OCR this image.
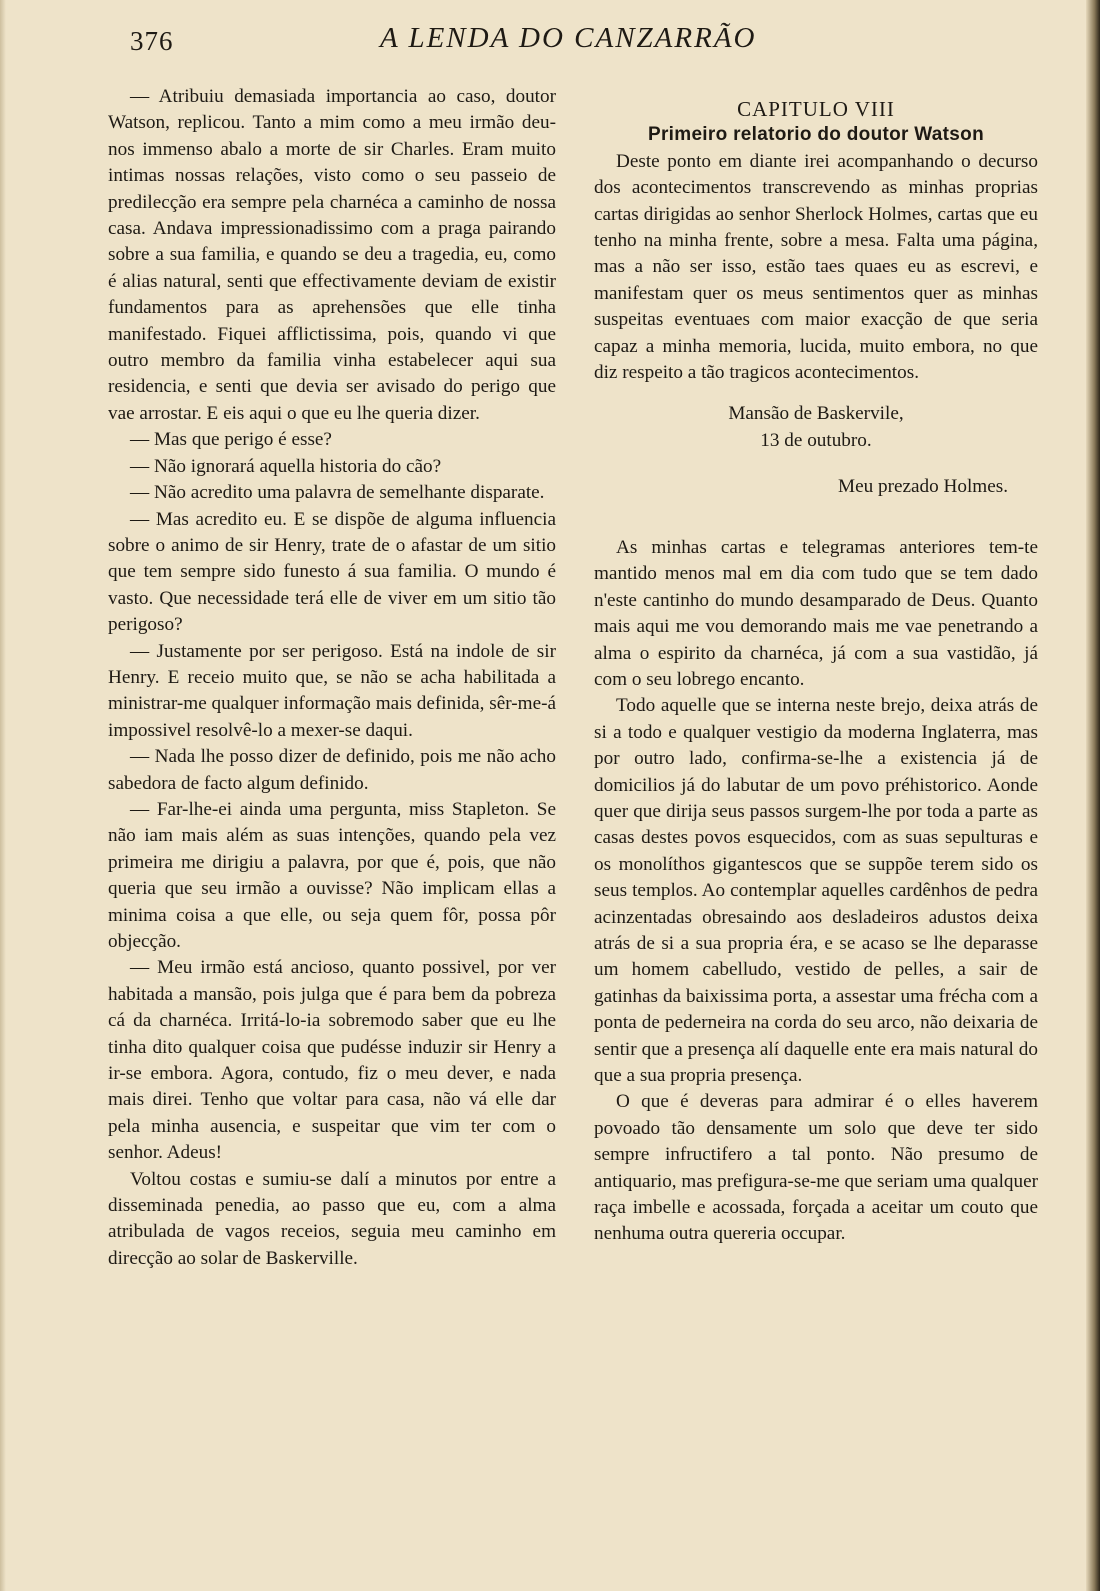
376	A LENDA DO CANZARRÃO

— Atribuiu demasiada importancia ao caso, doutor Watson, replicou. Tanto a mim como a meu irmão deu-nos immenso abalo a morte de sir Charles. Eram muito intimas nossas relações, visto como o seu passeio de predilecção era sempre pela charnéca a caminho de nossa casa. Andava impressionadissimo com a praga pairando sobre a sua familia, e quando se deu a tragedia, eu, como é alias natural, senti que effectivamente deviam de existir fundamentos para as aprehensões que elle tinha manifestado. Fiquei afflictissima, pois, quando vi que outro membro da familia vinha estabelecer aqui sua residencia, e senti que devia ser avisado do perigo que vae arrostar. E eis aqui o que eu lhe queria dizer.

— Mas que perigo é esse?

— Não ignorará aquella historia do cão?

— Não acredito uma palavra de semelhante disparate.

— Mas acredito eu. E se dispõe de alguma influencia sobre o animo de sir Henry, trate de o afastar de um sitio que tem sempre sido funesto á sua familia. O mundo é vasto. Que necessidade terá elle de viver em um sitio tão perigoso?

— Justamente por ser perigoso. Está na indole de sir Henry. E receio muito que, se não se acha habilitada a ministrar-me qualquer informação mais definida, sêr-me-á impossivel resolvê-lo a mexer-se daqui.

— Nada lhe posso dizer de definido, pois me não acho sabedora de facto algum definido.

— Far-lhe-ei ainda uma pergunta, miss Stapleton. Se não iam mais além as suas intenções, quando pela vez primeira me dirigiu a palavra, por que é, pois, que não queria que seu irmão a ouvisse? Não implicam ellas a minima coisa a que elle, ou seja quem fôr, possa pôr objecção.

— Meu irmão está ancioso, quanto possivel, por ver habitada a mansão, pois julga que é para bem da pobreza cá da charnéca. Irritá-lo-ia sobremodo saber que eu lhe tinha dito qualquer coisa que pudésse induzir sir Henry a ir-se embora. Agora, contudo, fiz o meu dever, e nada mais direi. Tenho que voltar para casa, não vá elle dar pela minha ausencia, e suspeitar que vim ter com o senhor. Adeus!

Voltou costas e sumiu-se dalí a minutos por entre a disseminada penedia, ao passo que eu, com a alma atribulada de vagos receios, seguia meu caminho em direcção ao solar de Baskerville.

CAPITULO VIII

Primeiro relatorio do doutor Watson

Deste ponto em diante irei acompanhando o decurso dos acontecimentos transcrevendo as minhas proprias cartas dirigidas ao senhor Sherlock Holmes, cartas que eu tenho na minha frente, sobre a mesa. Falta uma página, mas a não ser isso, estão taes quaes eu as escrevi, e manifestam quer os meus sentimentos quer as minhas suspeitas eventuaes com maior exacção de que seria capaz a minha memoria, lucida, muito embora, no que diz respeito a tão tragicos acontecimentos.

Mansão de Baskervile,
13 de outubro.

Meu prezado Holmes.

As minhas cartas e telegramas anteriores tem-te mantido menos mal em dia com tudo que se tem dado n'este cantinho do mundo desamparado de Deus. Quanto mais aqui me vou demorando mais me vae penetrando a alma o espirito da charnéca, já com a sua vastidão, já com o seu lobrego encanto.

Todo aquelle que se interna neste brejo, deixa atrás de si a todo e qualquer vestigio da moderna Inglaterra, mas por outro lado, confirma-se-lhe a existencia já de domicilios já do labutar de um povo préhistorico. Aonde quer que dirija seus passos surgem-lhe por toda a parte as casas destes povos esquecidos, com as suas sepulturas e os monolíthos gigantescos que se suppõe terem sido os seus templos. Ao contemplar aquelles cardênhos de pedra acinzentadas obresaindo aos desladeiros adustos deixa atrás de si a sua propria éra, e se acaso se lhe deparasse um homem cabelludo, vestido de pelles, a sair de gatinhas da baixissima porta, a assestar uma frécha com a ponta de pederneira na corda do seu arco, não deixaria de sentir que a presença alí daquelle ente era mais natural do que a sua propria presença.

O que é deveras para admirar é o elles haverem povoado tão densamente um solo que deve ter sido sempre infructifero a tal ponto. Não presumo de antiquario, mas prefigura-se-me que seriam uma qualquer raça imbelle e acossada, forçada a aceitar um couto que nenhuma outra quereria occupar.
